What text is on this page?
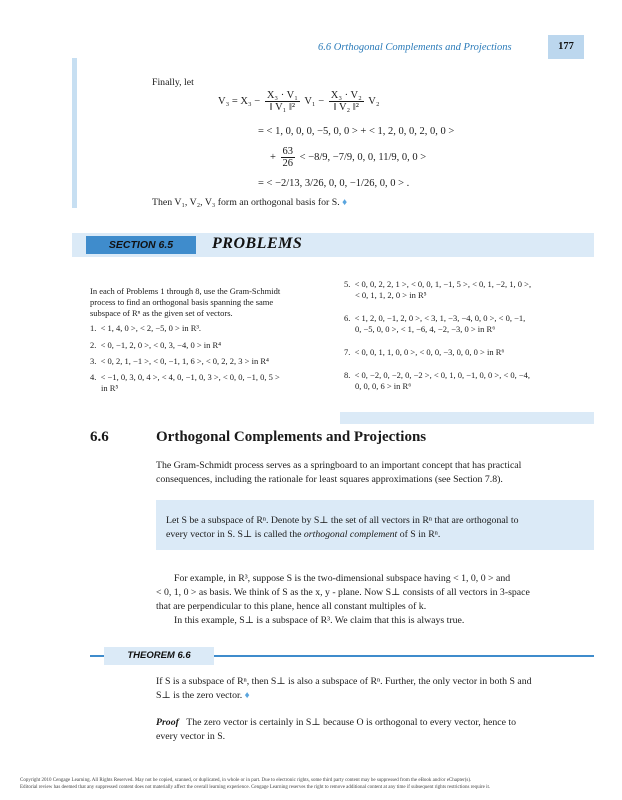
6.6 Orthogonal Complements and Projections	177
Finally, let
$V_3 = X_3 - \frac{\text{X₃ · V₁}}{\text{‖ V₁ ‖²}} V_1 - \frac{\text{X₃ · V₂}}{\text{‖ V₂ ‖²}} V_2$
= < 1, 0, 0, 0, −5, 0, 0 > + < 1, 2, 0, 0, 2, 0, 0 >
+ $\frac{63}{26} < -8/9$, −7/9, 0, 0, 11/9, 0, 0 >
= < −2/13, 3/26, 0, 0, −1/26, 0, 0 > .
Then V₁, V₂, V₃ form an orthogonal basis for S. ♦
SECTION 6.5	PROBLEMS
In each of Problems 1 through 8, use the Gram-Schmidt
process to find an orthogonal basis spanning the same
subspace of Rⁿ as the given set of vectors.
1. < 1, 4, 0 >, < 2, −5, 0 > in R³.
2. < 0, −1, 2, 0 >, < 0, 3, −4, 0 > in R⁴
3. < 0, 2, 1, −1 >, < 0, −1, 1, 6 >, < 0, 2, 2, 3 > in R⁴
4. < −1, 0, 3, 0, 4 >, < 4, 0, −1, 0, 3 >, < 0, 0, −1, 0, 5 >
in R⁵
5. < 0, 0, 2, 2, 1 >, < 0, 0, 1, −1, 5 >, < 0, 1, −2, 1, 0 >,
< 0, 1, 1, 2, 0 > in R⁵
6. < 1, 2, 0, −1, 2, 0 >, < 3, 1, −3, −4, 0, 0 >, < 0, −1,
0, −5, 0, 0 >, < 1, −6, 4, −2, −3, 0 > in R⁶
7. < 0, 0, 1, 1, 0, 0 >, < 0, 0, −3, 0, 0, 0 > in R⁶
8. < 0, −2, 0, −2, 0, −2 >, < 0, 1, 0, −1, 0, 0 >, < 0, −4,
0, 0, 0, 6 > in R⁶
6.6	Orthogonal Complements and Projections
The Gram-Schmidt process serves as a springboard to an important concept that has practical
consequences, including the rationale for least squares approximations (see Section 7.8).
Let S be a subspace of Rⁿ. Denote by S⊥ the set of all vectors in Rⁿ that are orthogonal to
every vector in S. S⊥ is called the orthogonal complement of S in Rⁿ.
For example, in R³, suppose S is the two-dimensional subspace having < 1, 0, 0 > and
< 0, 1, 0 > as basis. We think of S as the x, y - plane. Now S⊥ consists of all vectors in 3-space
that are perpendicular to this plane, hence all constant multiples of k.
In this example, S⊥ is a subspace of R³. We claim that this is always true.
THEOREM 6.6
If S is a subspace of Rⁿ, then S⊥ is also a subspace of Rⁿ. Further, the only vector in both S and
S⊥ is the zero vector. ♦
Proof The zero vector is certainly in S⊥ because O is orthogonal to every vector, hence to
every vector in S.
Copyright 2010 Cengage Learning. All Rights Reserved. May not be copied, scanned, or duplicated, in whole or in part. Due to electronic rights, some third party content may be suppressed from the eBook and/or eChapter(s).
Editorial review has deemed that any suppressed content does not materially affect the overall learning experience. Cengage Learning reserves the right to remove additional content at any time if subsequent rights restrictions require it.
